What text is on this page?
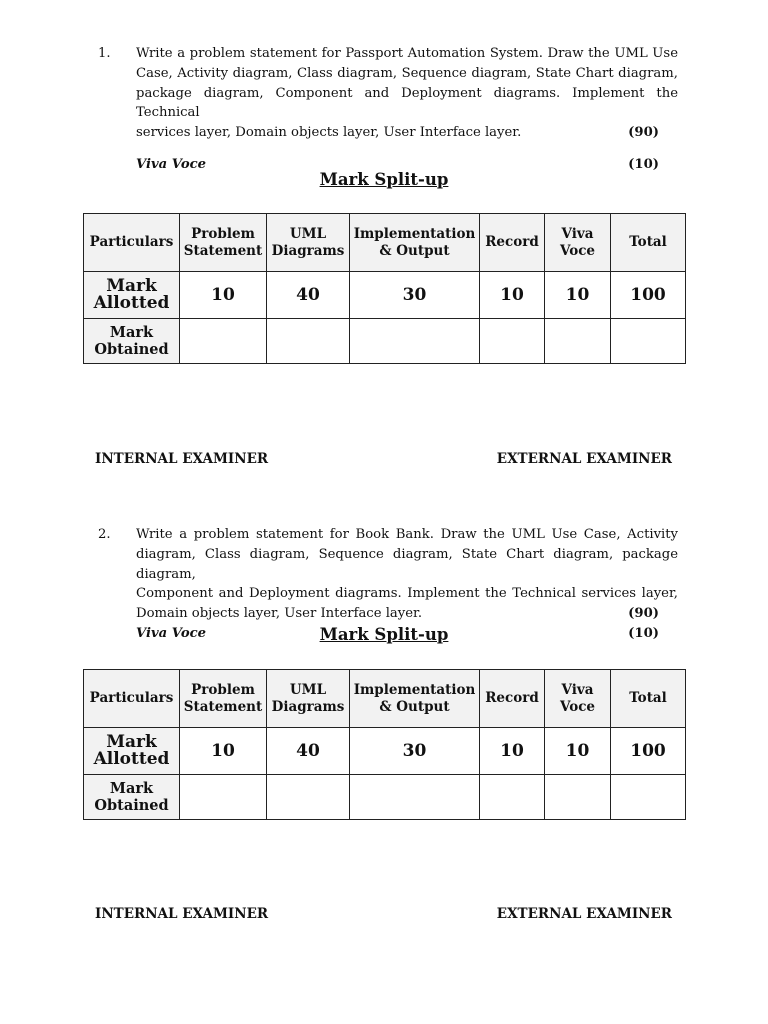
1. Write a problem statement for Passport Automation System. Draw the UML Use
Case, Activity diagram, Class diagram, Sequence diagram, State Chart diagram,
package diagram, Component and Deployment diagrams. Implement the Technical
services layer, Domain objects layer, User Interface layer.	(90)
Viva Voce	(10)
Mark Split-up
Particulars	Problem Statement	UML Diagrams	Implementation & Output	Record	Viva Voce	Total
Mark Allotted	10	40	30	10	10	100
Mark Obtained						
INTERNAL EXAMINER	EXTERNAL EXAMINER
2. Write a problem statement for Book Bank. Draw the UML Use Case, Activity
diagram, Class diagram, Sequence diagram, State Chart diagram, package diagram,
Component and Deployment diagrams. Implement the Technical services layer,
Domain objects layer, User Interface layer.	(90)
Viva Voce	(10)
Mark Split-up
Particulars	Problem Statement	UML Diagrams	Implementation & Output	Record	Viva Voce	Total
Mark Allotted	10	40	30	10	10	100
Mark Obtained						
INTERNAL EXAMINER	EXTERNAL EXAMINER
